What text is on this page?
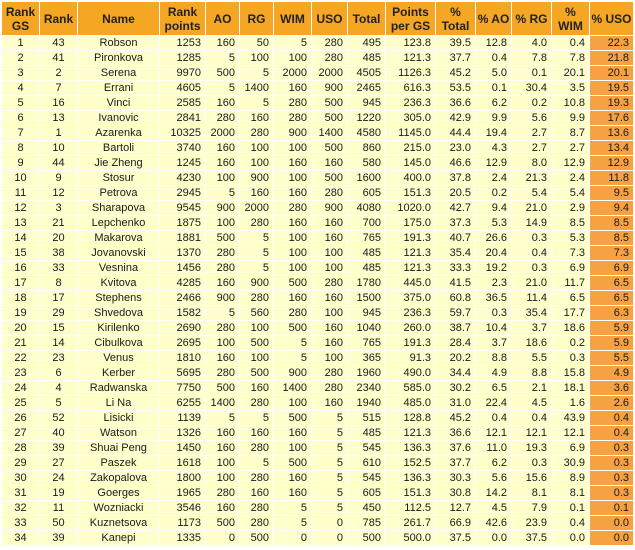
Rank GS	Rank	Name	Rank points	AO	RG	WIM	USO	Total	Points per GS	% Total	% AO	% RG	% WIM	% USO
1	43	Robson	1253	160	50	5	280	495	123.8	39.5	12.8	4.0	0.4	22.3
2	41	Pironkova	1285	5	100	100	280	485	121.3	37.7	0.4	7.8	7.8	21.8
3	2	Serena	9970	500	5	2000	2000	4505	1126.3	45.2	5.0	0.1	20.1	20.1
4	7	Errani	4605	5	1400	160	900	2465	616.3	53.5	0.1	30.4	3.5	19.5
5	16	Vinci	2585	160	5	280	500	945	236.3	36.6	6.2	0.2	10.8	19.3
6	13	Ivanovic	2841	280	160	280	500	1220	305.0	42.9	9.9	5.6	9.9	17.6
7	1	Azarenka	10325	2000	280	900	1400	4580	1145.0	44.4	19.4	2.7	8.7	13.6
8	10	Bartoli	3740	160	100	100	500	860	215.0	23.0	4.3	2.7	2.7	13.4
9	44	Jie Zheng	1245	160	100	160	160	580	145.0	46.6	12.9	8.0	12.9	12.9
10	9	Stosur	4230	100	900	100	500	1600	400.0	37.8	2.4	21.3	2.4	11.8
11	12	Petrova	2945	5	160	160	280	605	151.3	20.5	0.2	5.4	5.4	9.5
12	3	Sharapova	9545	900	2000	280	900	4080	1020.0	42.7	9.4	21.0	2.9	9.4
13	21	Lepchenko	1875	100	280	160	160	700	175.0	37.3	5.3	14.9	8.5	8.5
14	20	Makarova	1881	500	5	100	160	765	191.3	40.7	26.6	0.3	5.3	8.5
15	38	Jovanovski	1370	280	5	100	100	485	121.3	35.4	20.4	0.4	7.3	7.3
16	33	Vesnina	1456	280	5	100	100	485	121.3	33.3	19.2	0.3	6.9	6.9
17	8	Kvitova	4285	160	900	500	280	1780	445.0	41.5	2.3	21.0	11.7	6.5
18	17	Stephens	2466	900	280	160	160	1500	375.0	60.8	36.5	11.4	6.5	6.5
19	29	Shvedova	1582	5	560	280	100	945	236.3	59.7	0.3	35.4	17.7	6.3
20	15	Kirilenko	2690	280	100	500	160	1040	260.0	38.7	10.4	3.7	18.6	5.9
21	14	Cibulkova	2695	100	500	5	160	765	191.3	28.4	3.7	18.6	0.2	5.9
22	23	Venus	1810	160	100	5	100	365	91.3	20.2	8.8	5.5	0.3	5.5
23	6	Kerber	5695	280	500	900	280	1960	490.0	34.4	4.9	8.8	15.8	4.9
24	4	Radwanska	7750	500	160	1400	280	2340	585.0	30.2	6.5	2.1	18.1	3.6
25	5	Li Na	6255	1400	280	100	160	1940	485.0	31.0	22.4	4.5	1.6	2.6
26	52	Lisicki	1139	5	5	500	5	515	128.8	45.2	0.4	0.4	43.9	0.4
27	40	Watson	1326	160	160	160	5	485	121.3	36.6	12.1	12.1	12.1	0.4
28	39	Shuai Peng	1450	160	280	100	5	545	136.3	37.6	11.0	19.3	6.9	0.3
29	27	Paszek	1618	100	5	500	5	610	152.5	37.7	6.2	0.3	30.9	0.3
30	24	Zakopalova	1800	100	280	160	5	545	136.3	30.3	5.6	15.6	8.9	0.3
31	19	Goerges	1965	280	160	160	5	605	151.3	30.8	14.2	8.1	8.1	0.3
32	11	Wozniacki	3546	160	280	5	5	450	112.5	12.7	4.5	7.9	0.1	0.1
33	50	Kuznetsova	1173	500	280	5	0	785	261.7	66.9	42.6	23.9	0.4	0.0
34	39	Kanepi	1335	0	500	0	0	500	500.0	37.5	0.0	37.5	0.0	0.0
